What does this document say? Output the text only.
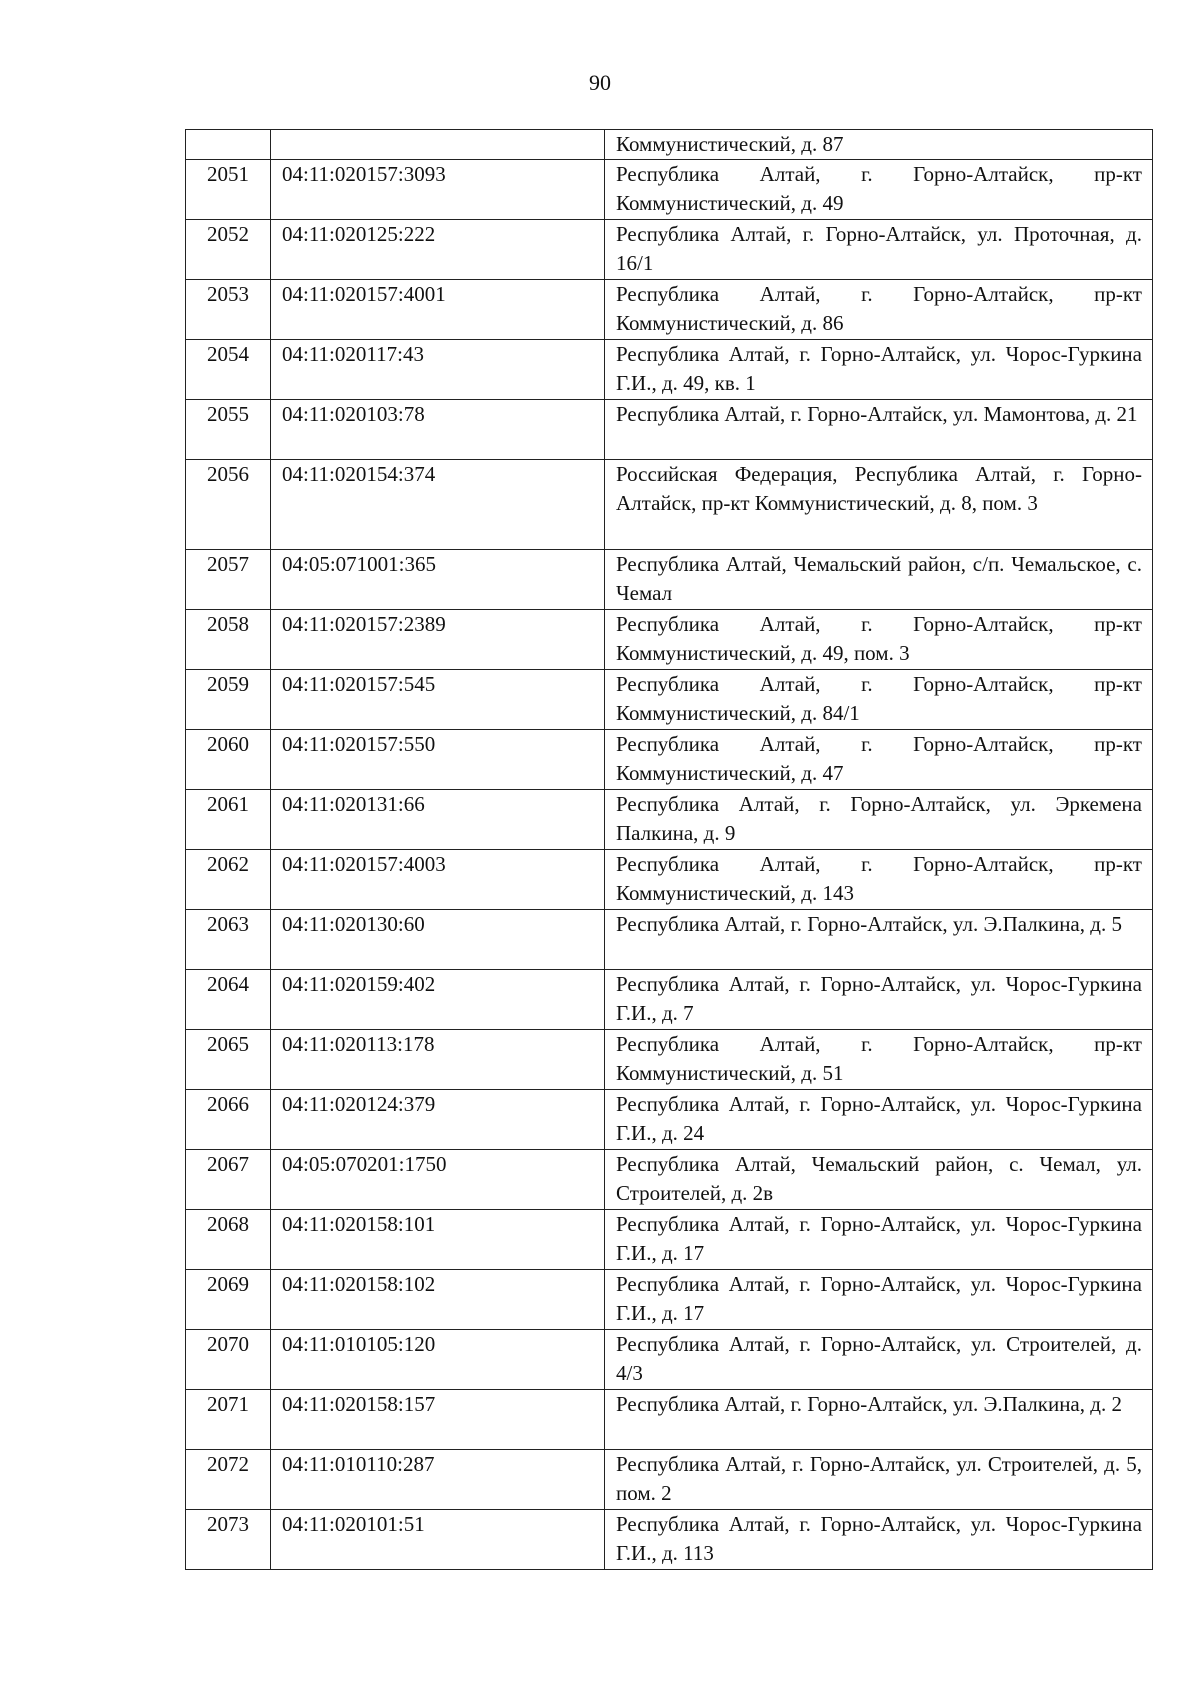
90
		Коммунистический, д. 87
2051	04:11:020157:3093	Республика Алтай, г. Горно-Алтайск, пр-кт Коммунистический, д. 49
2052	04:11:020125:222	Республика Алтай, г. Горно-Алтайск, ул. Проточная, д. 16/1
2053	04:11:020157:4001	Республика Алтай, г. Горно-Алтайск, пр-кт Коммунистический, д. 86
2054	04:11:020117:43	Республика Алтай, г. Горно-Алтайск, ул. Чорос-Гуркина Г.И., д. 49, кв. 1
2055	04:11:020103:78	Республика Алтай, г. Горно-Алтайск, ул. Мамонтова, д. 21
2056	04:11:020154:374	Российская Федерация, Республика Алтай, г. Горно-Алтайск, пр-кт Коммунистический, д. 8, пом. 3
2057	04:05:071001:365	Республика Алтай, Чемальский район, с/п. Чемальское, с. Чемал
2058	04:11:020157:2389	Республика Алтай, г. Горно-Алтайск, пр-кт Коммунистический, д. 49, пом. 3
2059	04:11:020157:545	Республика Алтай, г. Горно-Алтайск, пр-кт Коммунистический, д. 84/1
2060	04:11:020157:550	Республика Алтай, г. Горно-Алтайск, пр-кт Коммунистический, д. 47
2061	04:11:020131:66	Республика Алтай, г. Горно-Алтайск, ул. Эркемена Палкина, д. 9
2062	04:11:020157:4003	Республика Алтай, г. Горно-Алтайск, пр-кт Коммунистический, д. 143
2063	04:11:020130:60	Республика Алтай, г. Горно-Алтайск, ул. Э.Палкина, д. 5
2064	04:11:020159:402	Республика Алтай, г. Горно-Алтайск, ул. Чорос-Гуркина Г.И., д. 7
2065	04:11:020113:178	Республика Алтай, г. Горно-Алтайск, пр-кт Коммунистический, д. 51
2066	04:11:020124:379	Республика Алтай, г. Горно-Алтайск, ул. Чорос-Гуркина Г.И., д. 24
2067	04:05:070201:1750	Республика Алтай, Чемальский район, с. Чемал, ул. Строителей, д. 2в
2068	04:11:020158:101	Республика Алтай, г. Горно-Алтайск, ул. Чорос-Гуркина Г.И., д. 17
2069	04:11:020158:102	Республика Алтай, г. Горно-Алтайск, ул. Чорос-Гуркина Г.И., д. 17
2070	04:11:010105:120	Республика Алтай, г. Горно-Алтайск, ул. Строителей, д. 4/3
2071	04:11:020158:157	Республика Алтай, г. Горно-Алтайск, ул. Э.Палкина, д. 2
2072	04:11:010110:287	Республика Алтай, г. Горно-Алтайск, ул. Строителей, д. 5, пом. 2
2073	04:11:020101:51	Республика Алтай, г. Горно-Алтайск, ул. Чорос-Гуркина Г.И., д. 113
